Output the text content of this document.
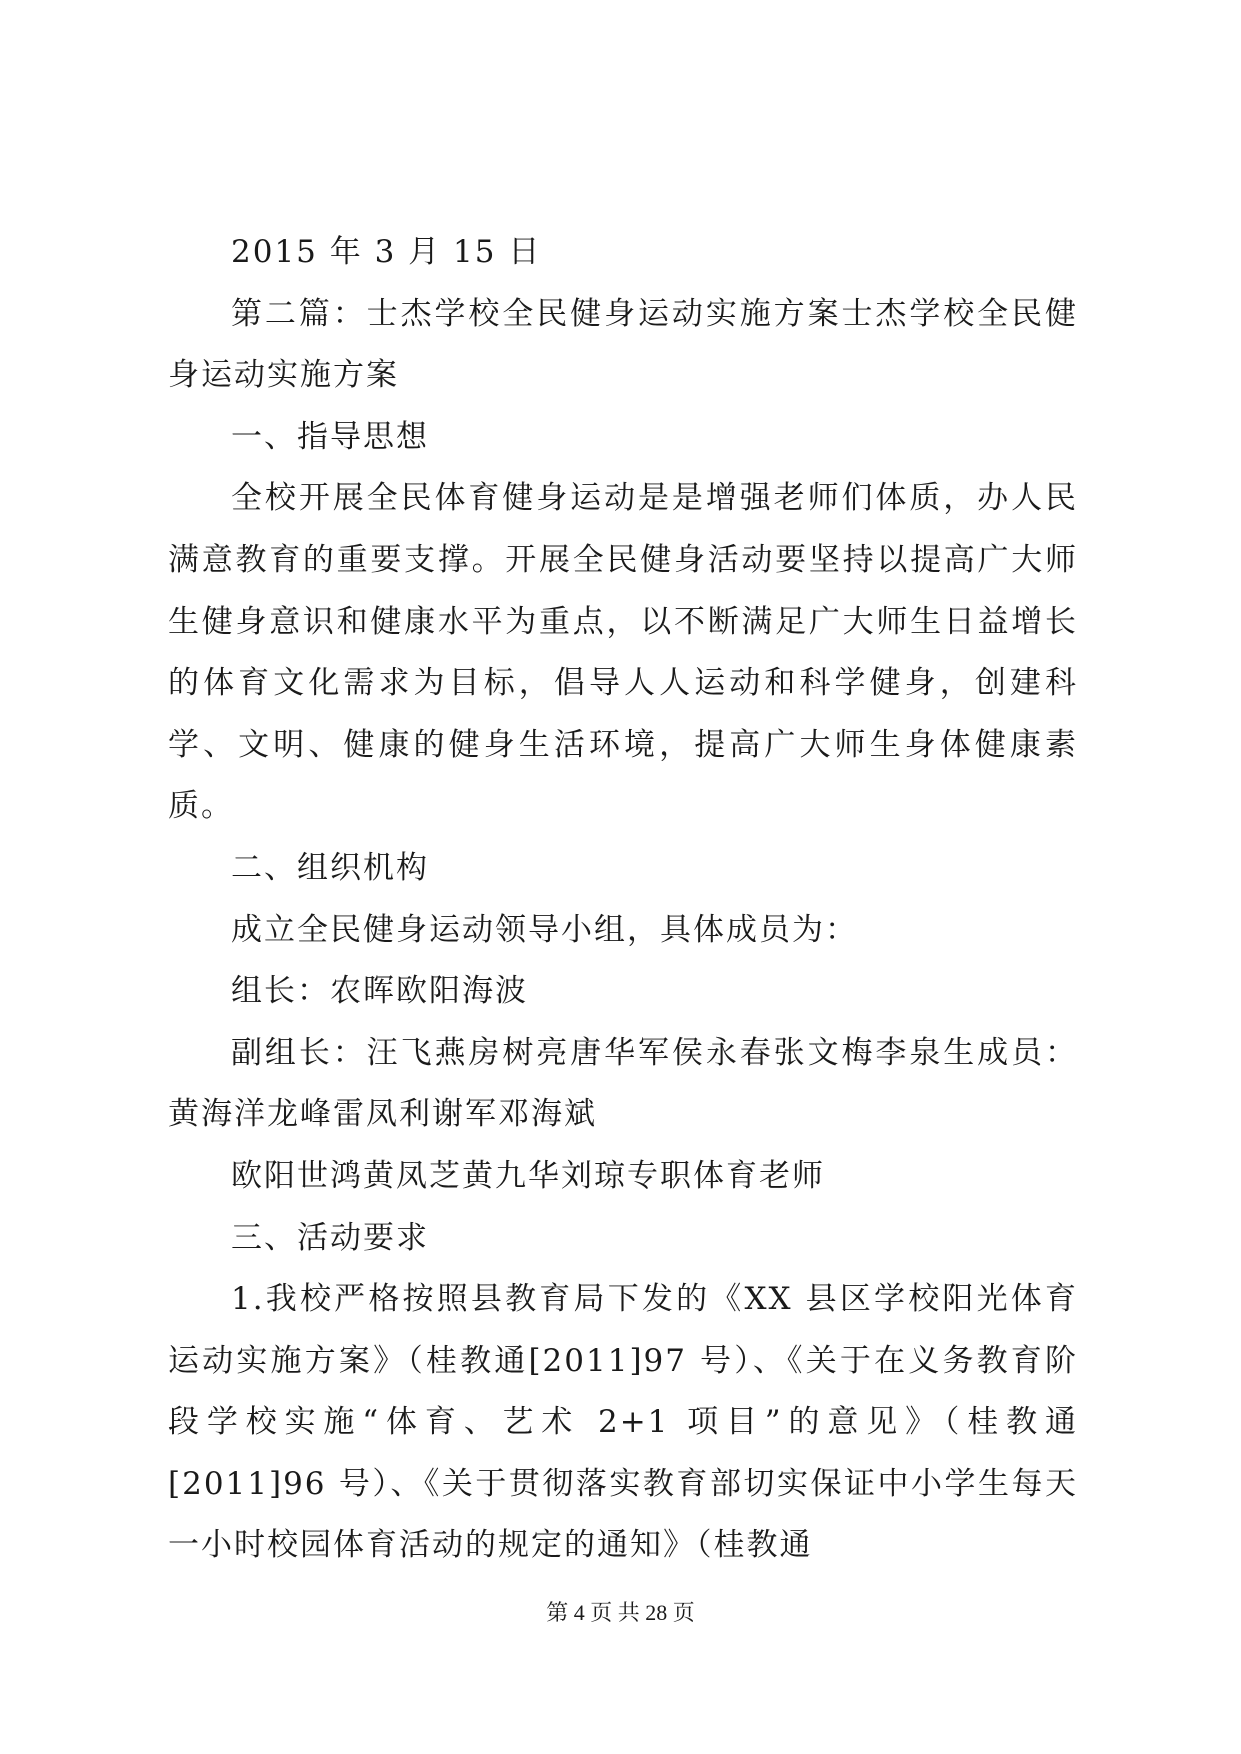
2015 年 3 月 15 日

第二篇：士杰学校全民健身运动实施方案士杰学校全民健身运动实施方案

一、指导思想

全校开展全民体育健身运动是是增强老师们体质，办人民满意教育的重要支撑。开展全民健身活动要坚持以提高广大师生健身意识和健康水平为重点，以不断满足广大师生日益增长的体育文化需求为目标，倡导人人运动和科学健身，创建科学、文明、健康的健身生活环境，提高广大师生身体健康素质。

二、组织机构

成立全民健身运动领导小组，具体成员为：

组长：农晖欧阳海波

副组长：汪飞燕房树亮唐华军侯永春张文梅李泉生成员：黄海洋龙峰雷凤利谢军邓海斌

欧阳世鸿黄凤芝黄九华刘琼专职体育老师

三、活动要求

1.我校严格按照县教育局下发的《XX 县区学校阳光体育运动实施方案》（桂教通[2011]97 号）、《关于在义务教育阶段学校实施“体育、艺术 2+1 项目”的意见》（桂教通[2011]96 号）、《关于贯彻落实教育部切实保证中小学生每天一小时校园体育活动的规定的通知》（桂教通

第 4 页 共 28 页
